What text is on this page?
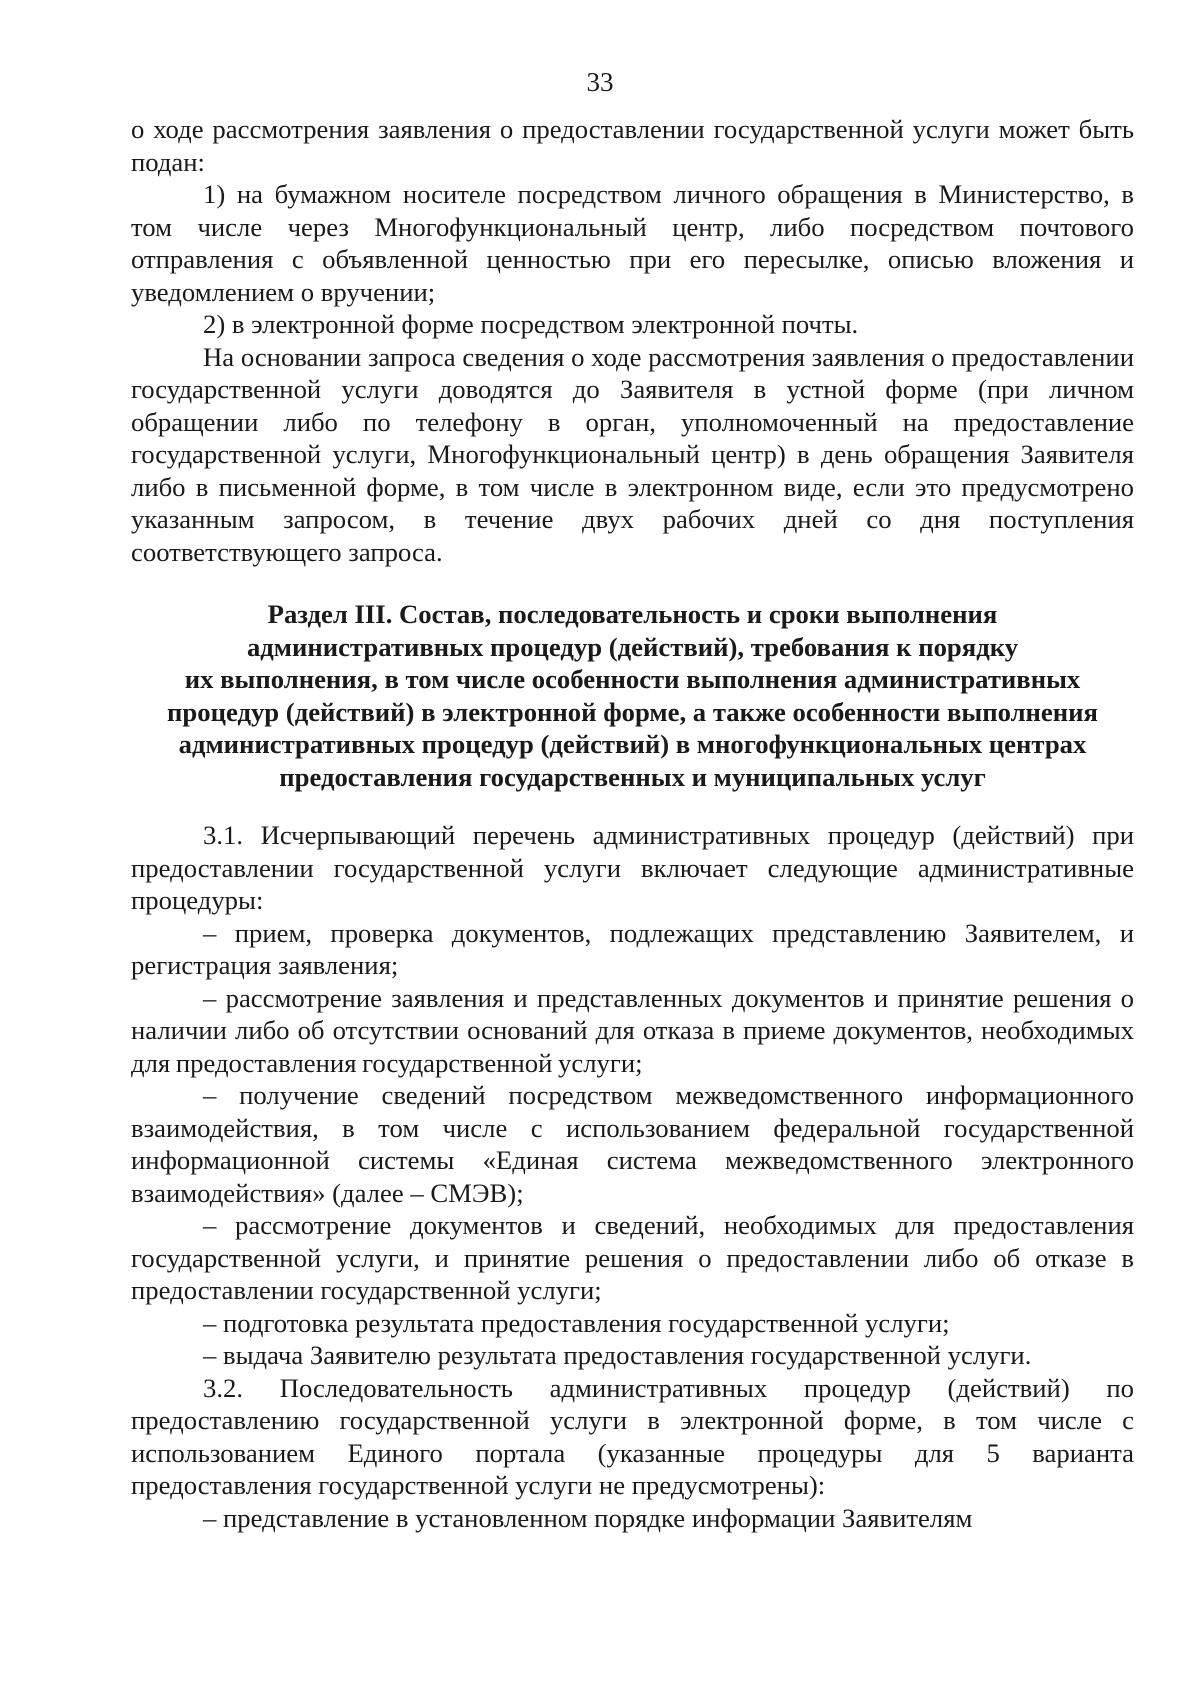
33

о ходе рассмотрения заявления о предоставлении государственной услуги может быть подан:

1) на бумажном носителе посредством личного обращения в Министерство, в том числе через Многофункциональный центр, либо посредством почтового отправления с объявленной ценностью при его пересылке, описью вложения и уведомлением о вручении;

2) в электронной форме посредством электронной почты.

На основании запроса сведения о ходе рассмотрения заявления о предоставлении государственной услуги доводятся до Заявителя в устной форме (при личном обращении либо по телефону в орган, уполномоченный на предоставление государственной услуги, Многофункциональный центр) в день обращения Заявителя либо в письменной форме, в том числе в электронном виде, если это предусмотрено указанным запросом, в течение двух рабочих дней со дня поступления соответствующего запроса.

Раздел III. Состав, последовательность и сроки выполнения
административных процедур (действий), требования к порядку
их выполнения, в том числе особенности выполнения административных
процедур (действий) в электронной форме, а также особенности выполнения
административных процедур (действий) в многофункциональных центрах
предоставления государственных и муниципальных услуг

3.1. Исчерпывающий перечень административных процедур (действий) при предоставлении государственной услуги включает следующие административные процедуры:

– прием, проверка документов, подлежащих представлению Заявителем, и регистрация заявления;

– рассмотрение заявления и представленных документов и принятие решения о наличии либо об отсутствии оснований для отказа в приеме документов, необходимых для предоставления государственной услуги;

– получение сведений посредством межведомственного информационного взаимодействия, в том числе с использованием федеральной государственной информационной системы «Единая система межведомственного электронного взаимодействия» (далее – СМЭВ);

– рассмотрение документов и сведений, необходимых для предоставления государственной услуги, и принятие решения о предоставлении либо об отказе в предоставлении государственной услуги;

– подготовка результата предоставления государственной услуги;

– выдача Заявителю результата предоставления государственной услуги.

3.2. Последовательность административных процедур (действий) по предоставлению государственной услуги в электронной форме, в том числе с использованием Единого портала (указанные процедуры для 5 варианта предоставления государственной услуги не предусмотрены):

– представление в установленном порядке информации Заявителям
